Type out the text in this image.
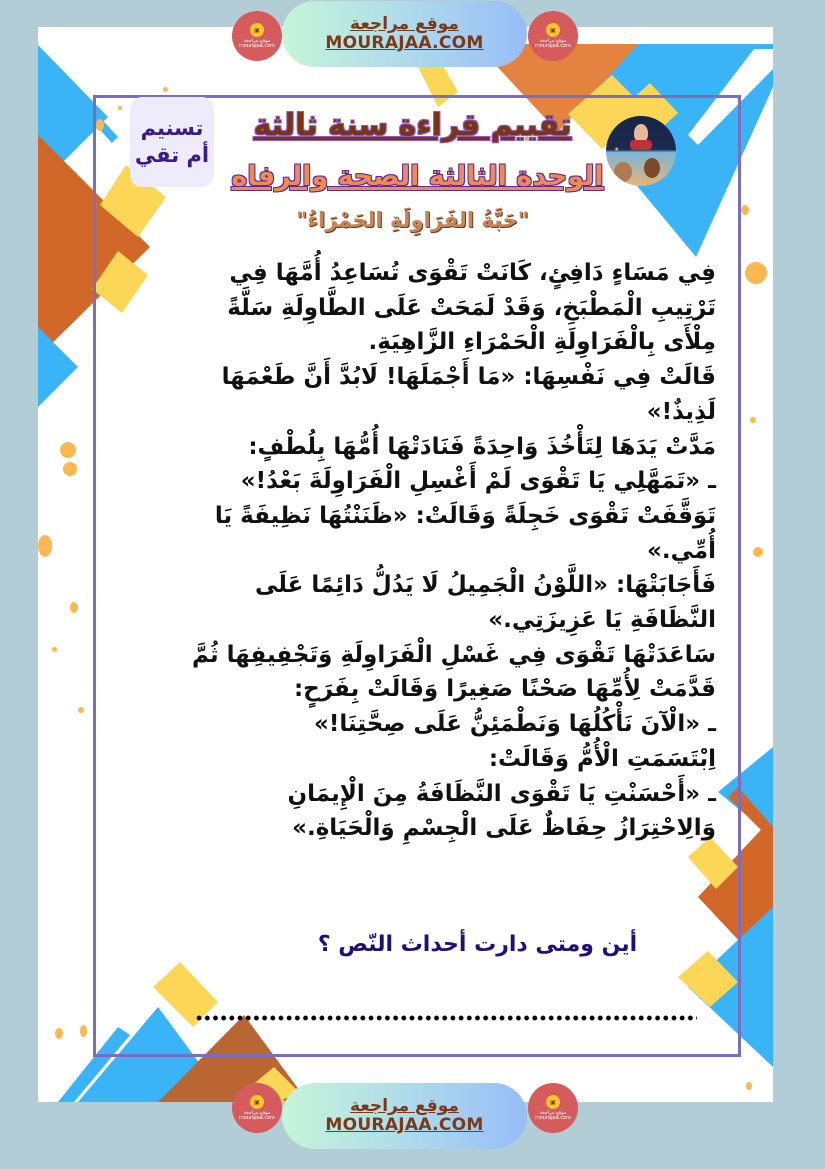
▣
موقع مراجعة mourajaa.com
موقع مراجعة
MOURAJAA.COM
▣
موقع مراجعة mourajaa.com
تسنيم
أم تقي	★
تقييم قراءة سنة ثالثة
الوحدة الثالثة الصحة والرفاه
"حَبَّةُ الفَرَاوِلَةِ الحَمْرَاءُ"

فِي مَسَاءٍ دَافِئٍ، كَانَتْ تَقْوَى تُسَاعِدُ أُمَّهَا فِي تَرْتِيبِ الْمَطْبَخِ، وَقَدْ لَمَحَتْ عَلَى الطَّاوِلَةِ سَلَّةً مِلْأَى بِالْفَرَاوِلَةِ الْحَمْرَاءِ الزَّاهِيَةِ.

قَالَتْ فِي نَفْسِهَا: «مَا أَجْمَلَهَا! لَابُدَّ أَنَّ طَعْمَهَا لَذِيذٌ!»

مَدَّتْ يَدَهَا لِتَأْخُذَ وَاحِدَةً فَنَادَتْهَا أُمُّهَا بِلُطْفٍ:

ـ «تَمَهَّلِي يَا تَقْوَى لَمْ أَغْسِلِ الْفَرَاوِلَةَ بَعْدُ!»

تَوَقَّفَتْ تَقْوَى خَجِلَةً وَقَالَتْ: «ظَنَنْتُهَا نَظِيفَةً يَا أُمِّي.»

فَأَجَابَتْهَا: «اللَّوْنُ الْجَمِيلُ لَا يَدُلُّ دَائِمًا عَلَى النَّظَافَةِ يَا عَزِيزَتِي.»

سَاعَدَتْهَا تَقْوَى فِي غَسْلِ الْفَرَاوِلَةِ وَتَجْفِيفِهَا ثُمَّ قَدَّمَتْ لِأُمِّهَا صَحْنًا صَغِيرًا وَقَالَتْ بِفَرَحٍ:

ـ «الْآنَ نَأْكُلُهَا وَنَطْمَئِنُّ عَلَى صِحَّتِنَا!»

اِبْتَسَمَتِ الْأُمُّ وَقَالَتْ:

ـ «أَحْسَنْتِ يَا تَقْوَى النَّظَافَةُ مِنَ الْإِيمَانِ وَالِاحْتِرَازُ حِفَاظٌ عَلَى الْجِسْمِ وَالْحَيَاةِ.»

أين ومتى دارت أحداث النّص ؟
▣
موقع مراجعة mourajaa.com
موقع مراجعة
MOURAJAA.COM
▣
موقع مراجعة mourajaa.com
